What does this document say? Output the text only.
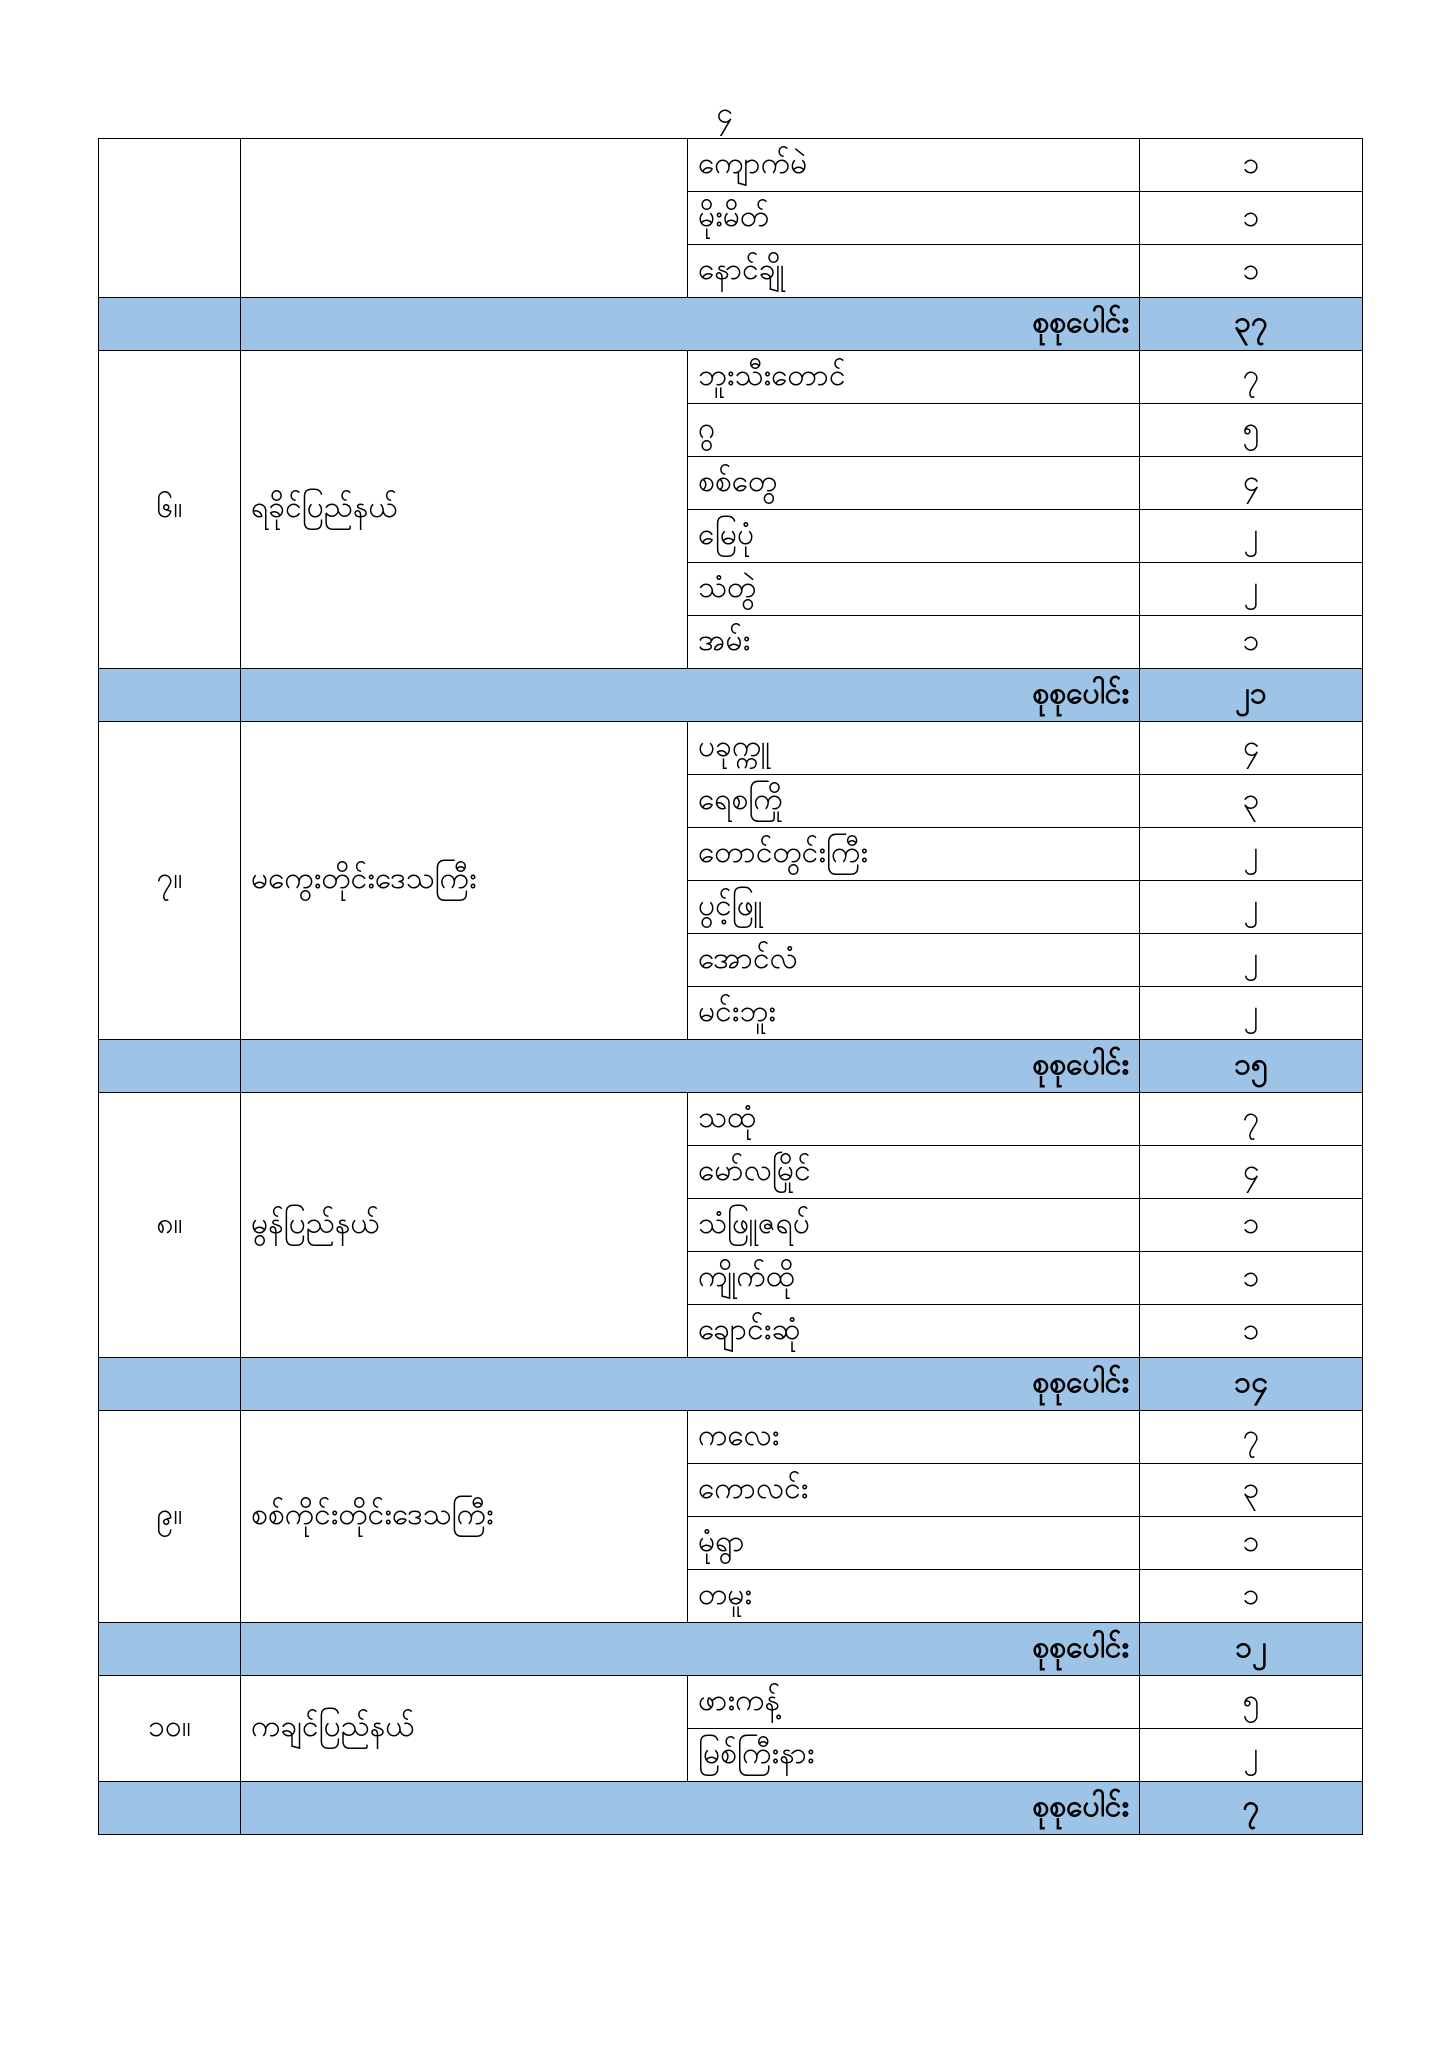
၄
		ကျောက်မဲ	၁
		မိုးမိတ်	၁
		နောင်ချို	၁
	စုစုပေါင်း		၃၇
၆။	ရခိုင်ပြည်နယ်	ဘူးသီးတောင်	၇
		ဂွ	၅
		စစ်တွေ	၄
		မြေပုံ	၂
		သံတွဲ	၂
		အမ်း	၁
	စုစုပေါင်း		၂၁
၇။	မကွေးတိုင်းဒေသကြီး	ပခုက္ကူ	၄
		ရေစကြို	၃
		တောင်တွင်းကြီး	၂
		ပွင့်ဖြူ	၂
		အောင်လံ	၂
		မင်းဘူး	၂
	စုစုပေါင်း		၁၅
၈။	မွန်ပြည်နယ်	သထုံ	၇
		မော်လမြိုင်	၄
		သံဖြူဇရပ်	၁
		ကျိုက်ထို	၁
		ချောင်းဆုံ	၁
	စုစုပေါင်း		၁၄
၉။	စစ်ကိုင်းတိုင်းဒေသကြီး	ကလေး	၇
		ကောလင်း	၃
		မုံရွာ	၁
		တမူး	၁
	စုစုပေါင်း		၁၂
၁၀။	ကချင်ပြည်နယ်	ဖားကန့်	၅
		မြစ်ကြီးနား	၂
	စုစုပေါင်း		၇
